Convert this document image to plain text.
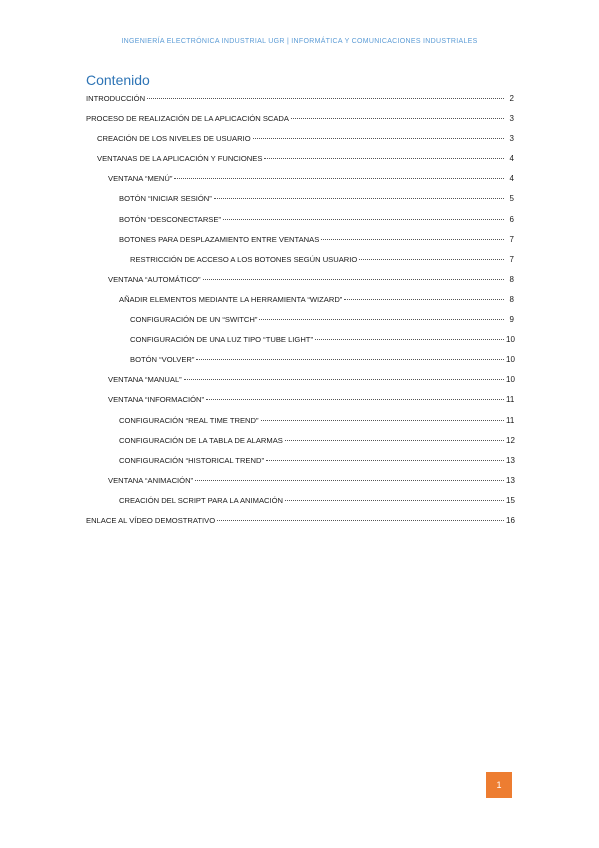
INGENIERÍA ELECTRÓNICA INDUSTRIAL UGR | INFORMÁTICA Y COMUNICACIONES INDUSTRIALES
Contenido
INTRODUCCIÓN	2
PROCESO DE REALIZACIÓN DE LA APLICACIÓN SCADA	3
CREACIÓN DE LOS NIVELES DE USUARIO	3
VENTANAS DE LA APLICACIÓN Y FUNCIONES	4
VENTANA “MENÚ”	4
BOTÓN “INICIAR SESIÓN”	5
BOTÓN “DESCONECTARSE”	6
BOTONES PARA DESPLAZAMIENTO ENTRE VENTANAS	7
RESTRICCIÓN DE ACCESO A LOS BOTONES SEGÚN USUARIO	7
VENTANA “AUTOMÁTICO”	8
AÑADIR ELEMENTOS MEDIANTE LA HERRAMIENTA “WIZARD”	8
CONFIGURACIÓN DE UN “SWITCH”	9
CONFIGURACIÓN DE UNA LUZ TIPO “TUBE LIGHT”	10
BOTÓN “VOLVER”	10
VENTANA “MANUAL”	10
VENTANA “INFORMACIÓN”	11
CONFIGURACIÓN “REAL TIME TREND”	11
CONFIGURACIÓN DE LA TABLA DE ALARMAS	12
CONFIGURACIÓN “HISTORICAL TREND”	13
VENTANA “ANIMACIÓN”	13
CREACIÓN DEL SCRIPT PARA LA ANIMACIÓN	15
ENLACE AL VÍDEO DEMOSTRATIVO	16
1
